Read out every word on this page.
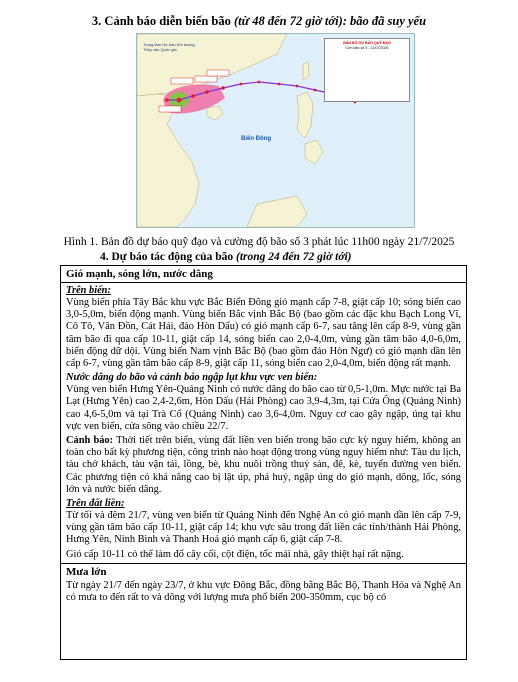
3. Cảnh báo diễn biến bão (từ 48 đến 72 giờ tới): bão đã suy yếu
Trung tâm Dự báo Khí tượng Thủy văn Quốc gia
BẢN ĐỒ DỰ BÁO QUỸ ĐẠO
Cơn bão số 3 - 21/07/2025
Biển Đông
Hình 1. Bản đồ dự báo quỹ đạo và cường độ bão số 3 phát lúc 11h00 ngày 21/7/2025
4. Dự báo tác động của bão (trong 24 đến 72 giờ tới)
Gió mạnh, sóng lớn, nước dâng
Trên biển:

Vùng biển phía Tây Bắc khu vực Bắc Biển Đông gió mạnh cấp 7-8, giật cấp 10; sóng biển cao 3,0-5,0m, biển động mạnh. Vùng biển Bắc vịnh Bắc Bộ (bao gồm các đặc khu Bạch Long Vĩ, Cô Tô, Vân Đồn, Cát Hải, đảo Hòn Dấu) có gió mạnh cấp 6-7, sau tăng lên cấp 8-9, vùng gần tâm bão đi qua cấp 10-11, giật cấp 14, sóng biển cao 2,0-4,0m, vùng gần tâm bão 4,0-6,0m, biển động dữ dội. Vùng biển Nam vịnh Bắc Bộ (bao gồm đảo Hòn Ngư) có gió mạnh dần lên cấp 6-7, vùng gần tâm bão cấp 8-9, giật cấp 11, sóng biển cao 2,0-4,0m, biển động rất mạnh.

Nước dâng do bão và cảnh báo ngập lụt khu vực ven biển:

Vùng ven biển Hưng Yên-Quảng Ninh có nước dâng do bão cao từ 0,5-1,0m. Mực nước tại Ba Lạt (Hưng Yên) cao 2,4-2,6m, Hòn Dấu (Hải Phòng) cao 3,9-4,3m, tại Cửa Ông (Quảng Ninh) cao 4,6-5,0m và tại Trà Cổ (Quảng Ninh) cao 3,6-4,0m. Nguy cơ cao gây ngập, úng tại khu vực ven biển, cửa sông vào chiều 22/7.

Cảnh báo: Thời tiết trên biển, vùng đất liền ven biển trong bão cực kỳ nguy hiểm, không an toàn cho bất kỳ phương tiện, công trình nào hoạt động trong vùng nguy hiểm như: Tàu du lịch, tàu chở khách, tàu vận tải, lồng, bè, khu nuôi trồng thuỷ sản, đê, kè, tuyến đường ven biển. Các phương tiện có khả năng cao bị lật úp, phá huỷ, ngập úng do gió mạnh, dông, lốc, sóng lớn và nước biển dâng.

Trên đất liền:

Từ tối và đêm 21/7, vùng ven biển từ Quảng Ninh đến Nghệ An có gió mạnh dần lên cấp 7-9, vùng gần tâm bão cấp 10-11, giật cấp 14; khu vực sâu trong đất liền các tỉnh/thành Hải Phòng, Hưng Yên, Ninh Bình và Thanh Hoá gió mạnh cấp 6, giật cấp 7-8.

Gió cấp 10-11 có thể làm đổ cây cối, cột điện, tốc mái nhà, gây thiệt hại rất nặng.

Mưa lớn

Từ ngày 21/7 đến ngày 23/7, ở khu vực Đông Bắc, đồng bằng Bắc Bộ, Thanh Hóa và Nghệ An có mưa to đến rất to và dông với lượng mưa phổ biến 200-350mm, cục bộ có
